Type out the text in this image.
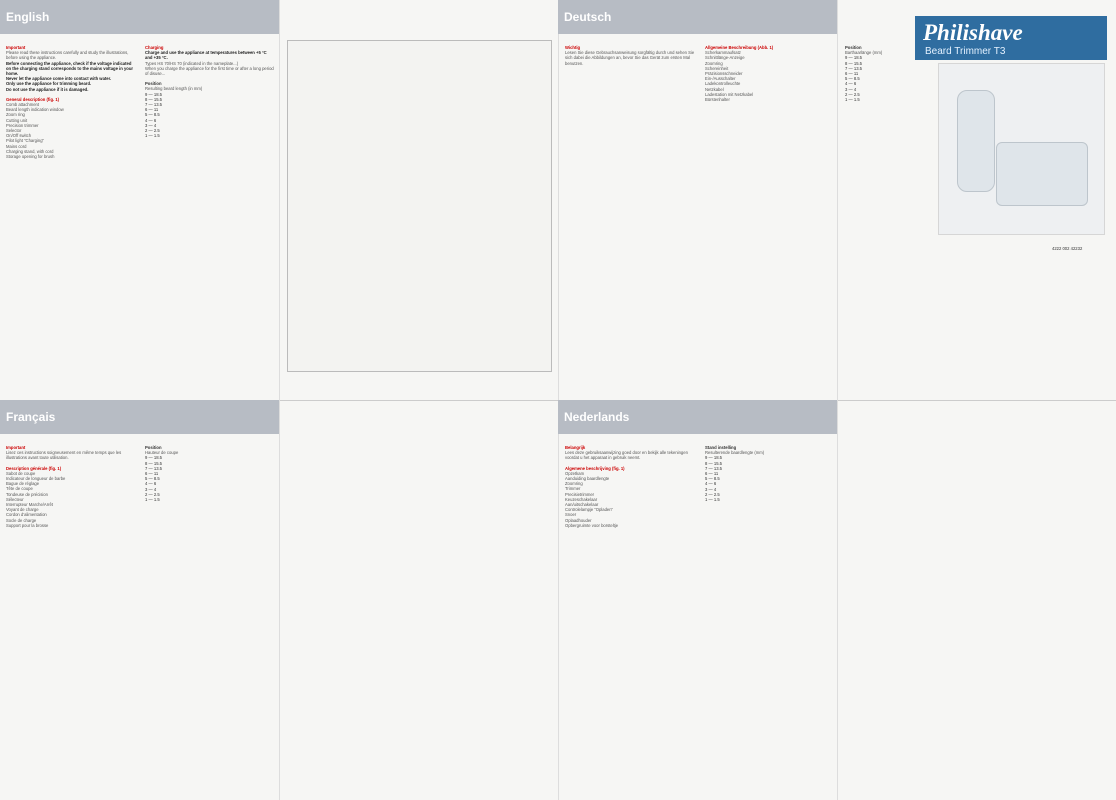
English	Deutsch
Français	Nederlands
Important
Please read these instructions carefully and study the illustrations, before using the appliance.
Before connecting the appliance, check if the voltage indicated on the charging stand corresponds to the mains voltage in your home.
Never let the appliance come into contact with water.
Only use the appliance for trimming beard.
Do not use the appliance if it is damaged.
General description (fig. 1)
Comb attachment
Beard length indication window
Zoom ring
Cutting unit
Precision trimmer
Selector
On/Off switch
Pilot light “Charging”
Mains cord
Charging stand, with cord
Storage opening for brush
Charging
Charge and use the appliance at temperatures between +5 °C and +35 °C.
Types HS 70/HS 70 (indicated in the nameplate...)
When you charge the appliance for the first time or after a long period of disuse...
Position
Resulting beard length (in mm)
9 — 18.5
8 — 15.5
7 — 13.5
6 — 11
5 — 8.5
4 — 6
3 — 4
2 — 2.5
1 — 1.5
Wichtig
Lesen Sie diese Gebrauchsanweisung sorgfältig durch und sehen Sie sich dabei die Abbildungen an, bevor Sie das Gerät zum ersten Mal benutzen.
Allgemeine Beschreibung (Abb. 1)
Scherkammaufsatz
Schnittlänge-Anzeige
Zoomring
Schereinheit
Präzisionsschneider
Ein-/Ausschalter
Ladekontrolleuchte
Netzkabel
Ladestation mit Netzkabel
Bürstenhalter
Philishave
Beard Trimmer T3
Position
Barthaarlänge (mm)
9 — 18.5
8 — 15.5
7 — 13.5
6 — 11
5 — 8.5
4 — 6
3 — 4
2 — 2.5
1 — 1.5
4222 002 42232
Important
Lisez ces instructions soigneusement en même temps que les illustrations avant toute utilisation.
Description générale (fig. 1)
Sabot de coupe
Indicateur de longueur de barbe
Bague de réglage
Tête de coupe
Tondeuse de précision
Sélecteur
Interrupteur Marche/Arrêt
Voyant de charge
Cordon d’alimentation
Socle de charge
Support pour la brosse
Position
Hauteur de coupe
9 — 18.5
8 — 15.5
7 — 13.5
6 — 11
5 — 8.5
4 — 6
3 — 4
2 — 2.5
1 — 1.5
Belangrijk
Lees deze gebruiksaanwijzing goed door en bekijk alle tekeningen voordat u het apparaat in gebruik neemt.
Algemene beschrijving (fig. 1)
Opzetkam
Aanduiding baardlengte
Zoomring
Trimmer
Precisietrimmer
Keuzeschakelaar
Aan/uitschakelaar
Controlelampje “Opladen”
Snoer
Oplaadhouder
Opbergruimte voor borsteltje
Stand instelling
Resulterende baardlengte (mm)
9 — 18.5
8 — 15.5
7 — 13.5
6 — 11
5 — 8.5
4 — 6
3 — 4
2 — 2.5
1 — 1.5
